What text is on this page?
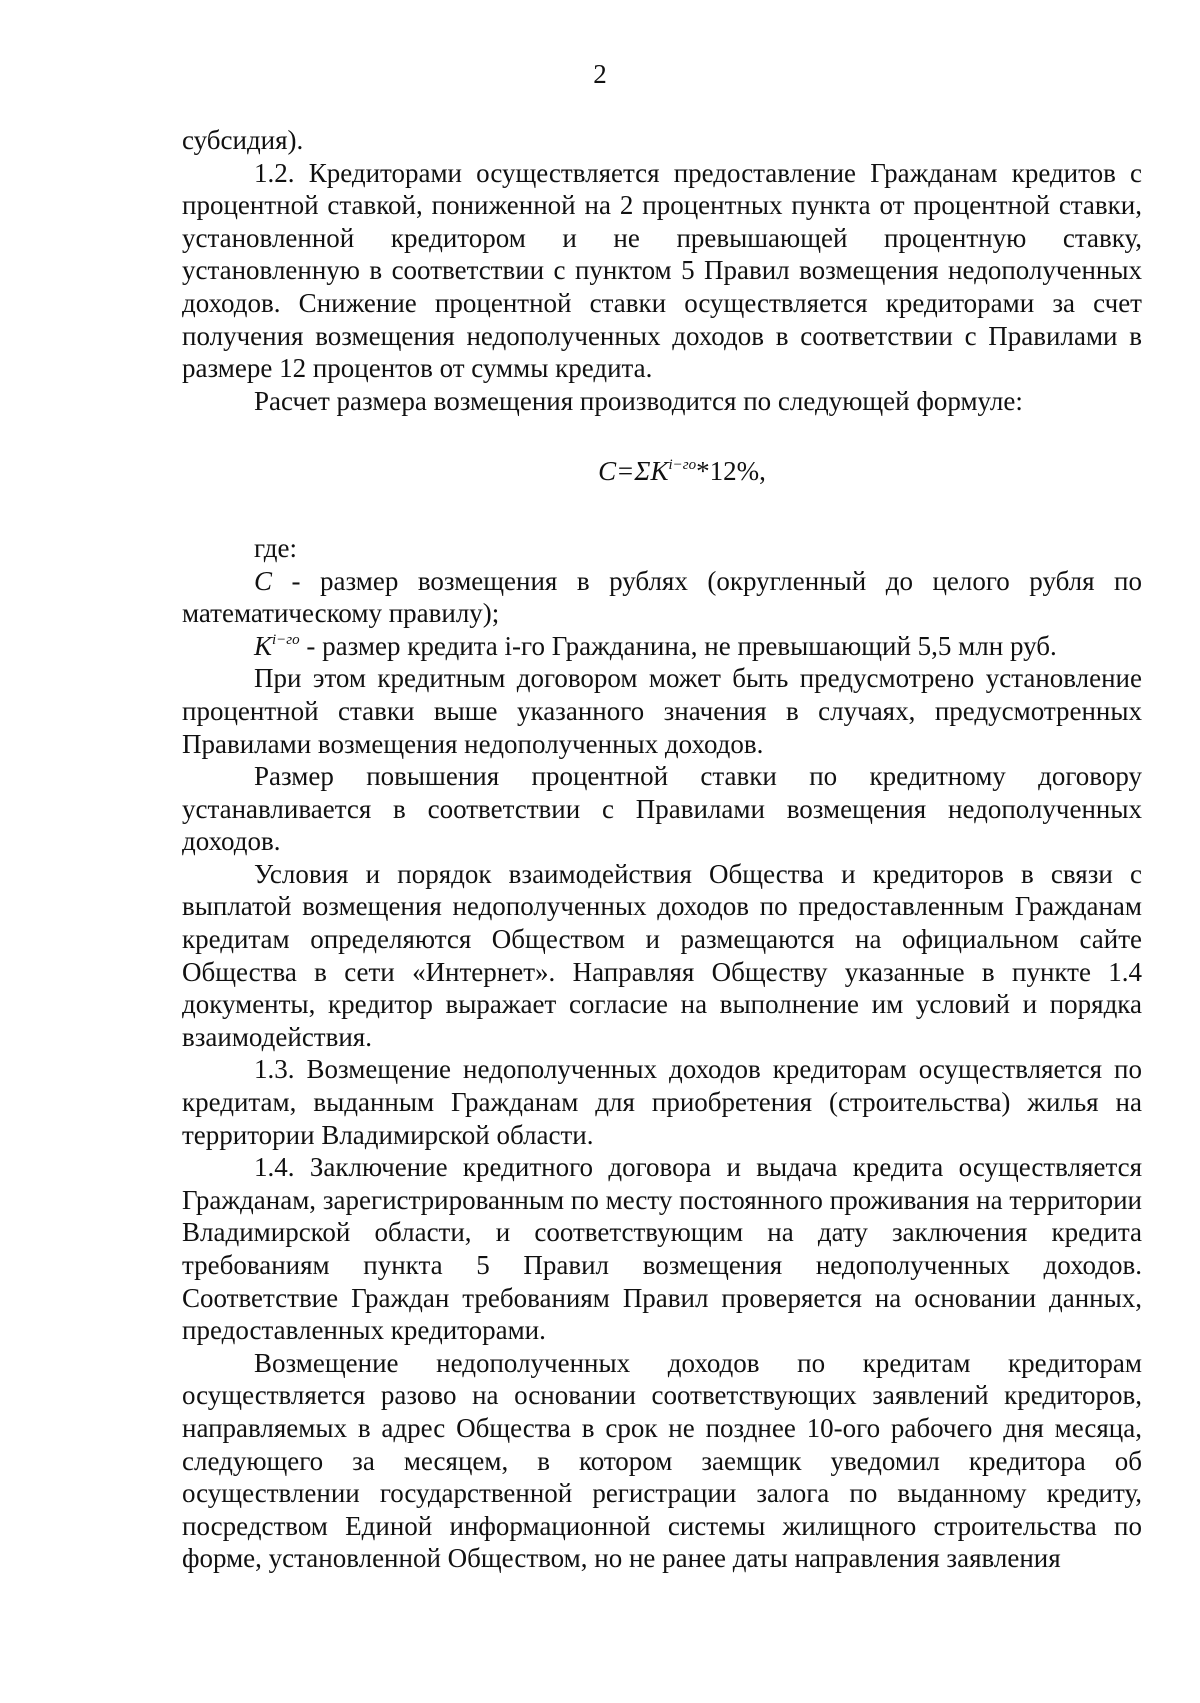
2

субсидия).

1.2. Кредиторами осуществляется предоставление Гражданам кредитов с процентной ставкой, пониженной на 2 процентных пункта от процентной ставки, установленной кредитором и не превышающей процентную ставку, установленную в соответствии с пунктом 5 Правил возмещения недополученных доходов. Снижение процентной ставки осуществляется кредиторами за счет получения возмещения недополученных доходов в соответствии с Правилами в размере 12 процентов от суммы кредита.

Расчет размера возмещения производится по следующей формуле:

$C=\Sigma K^{i-го}*12\%$,

где:

C - размер возмещения в рублях (округленный до целого рубля по математическому правилу);

$K^{i-го}$ - размер кредита i-го Гражданина, не превышающий 5,5 млн руб.

При этом кредитным договором может быть предусмотрено установление процентной ставки выше указанного значения в случаях, предусмотренных Правилами возмещения недополученных доходов.

Размер повышения процентной ставки по кредитному договору устанавливается в соответствии с Правилами возмещения недополученных доходов.

Условия и порядок взаимодействия Общества и кредиторов в связи с выплатой возмещения недополученных доходов по предоставленным Гражданам кредитам определяются Обществом и размещаются на официальном сайте Общества в сети «Интернет». Направляя Обществу указанные в пункте 1.4 документы, кредитор выражает согласие на выполнение им условий и порядка взаимодействия.

1.3. Возмещение недополученных доходов кредиторам осуществляется по кредитам, выданным Гражданам для приобретения (строительства) жилья на территории Владимирской области.

1.4. Заключение кредитного договора и выдача кредита осуществляется Гражданам, зарегистрированным по месту постоянного проживания на территории Владимирской области, и соответствующим на дату заключения кредита требованиям пункта 5 Правил возмещения недополученных доходов. Соответствие Граждан требованиям Правил проверяется на основании данных, предоставленных кредиторами.

Возмещение недополученных доходов по кредитам кредиторам осуществляется разово на основании соответствующих заявлений кредиторов, направляемых в адрес Общества в срок не позднее 10-ого рабочего дня месяца, следующего за месяцем, в котором заемщик уведомил кредитора об осуществлении государственной регистрации залога по выданному кредиту, посредством Единой информационной системы жилищного строительства по форме, установленной Обществом, но не ранее даты направления заявления
